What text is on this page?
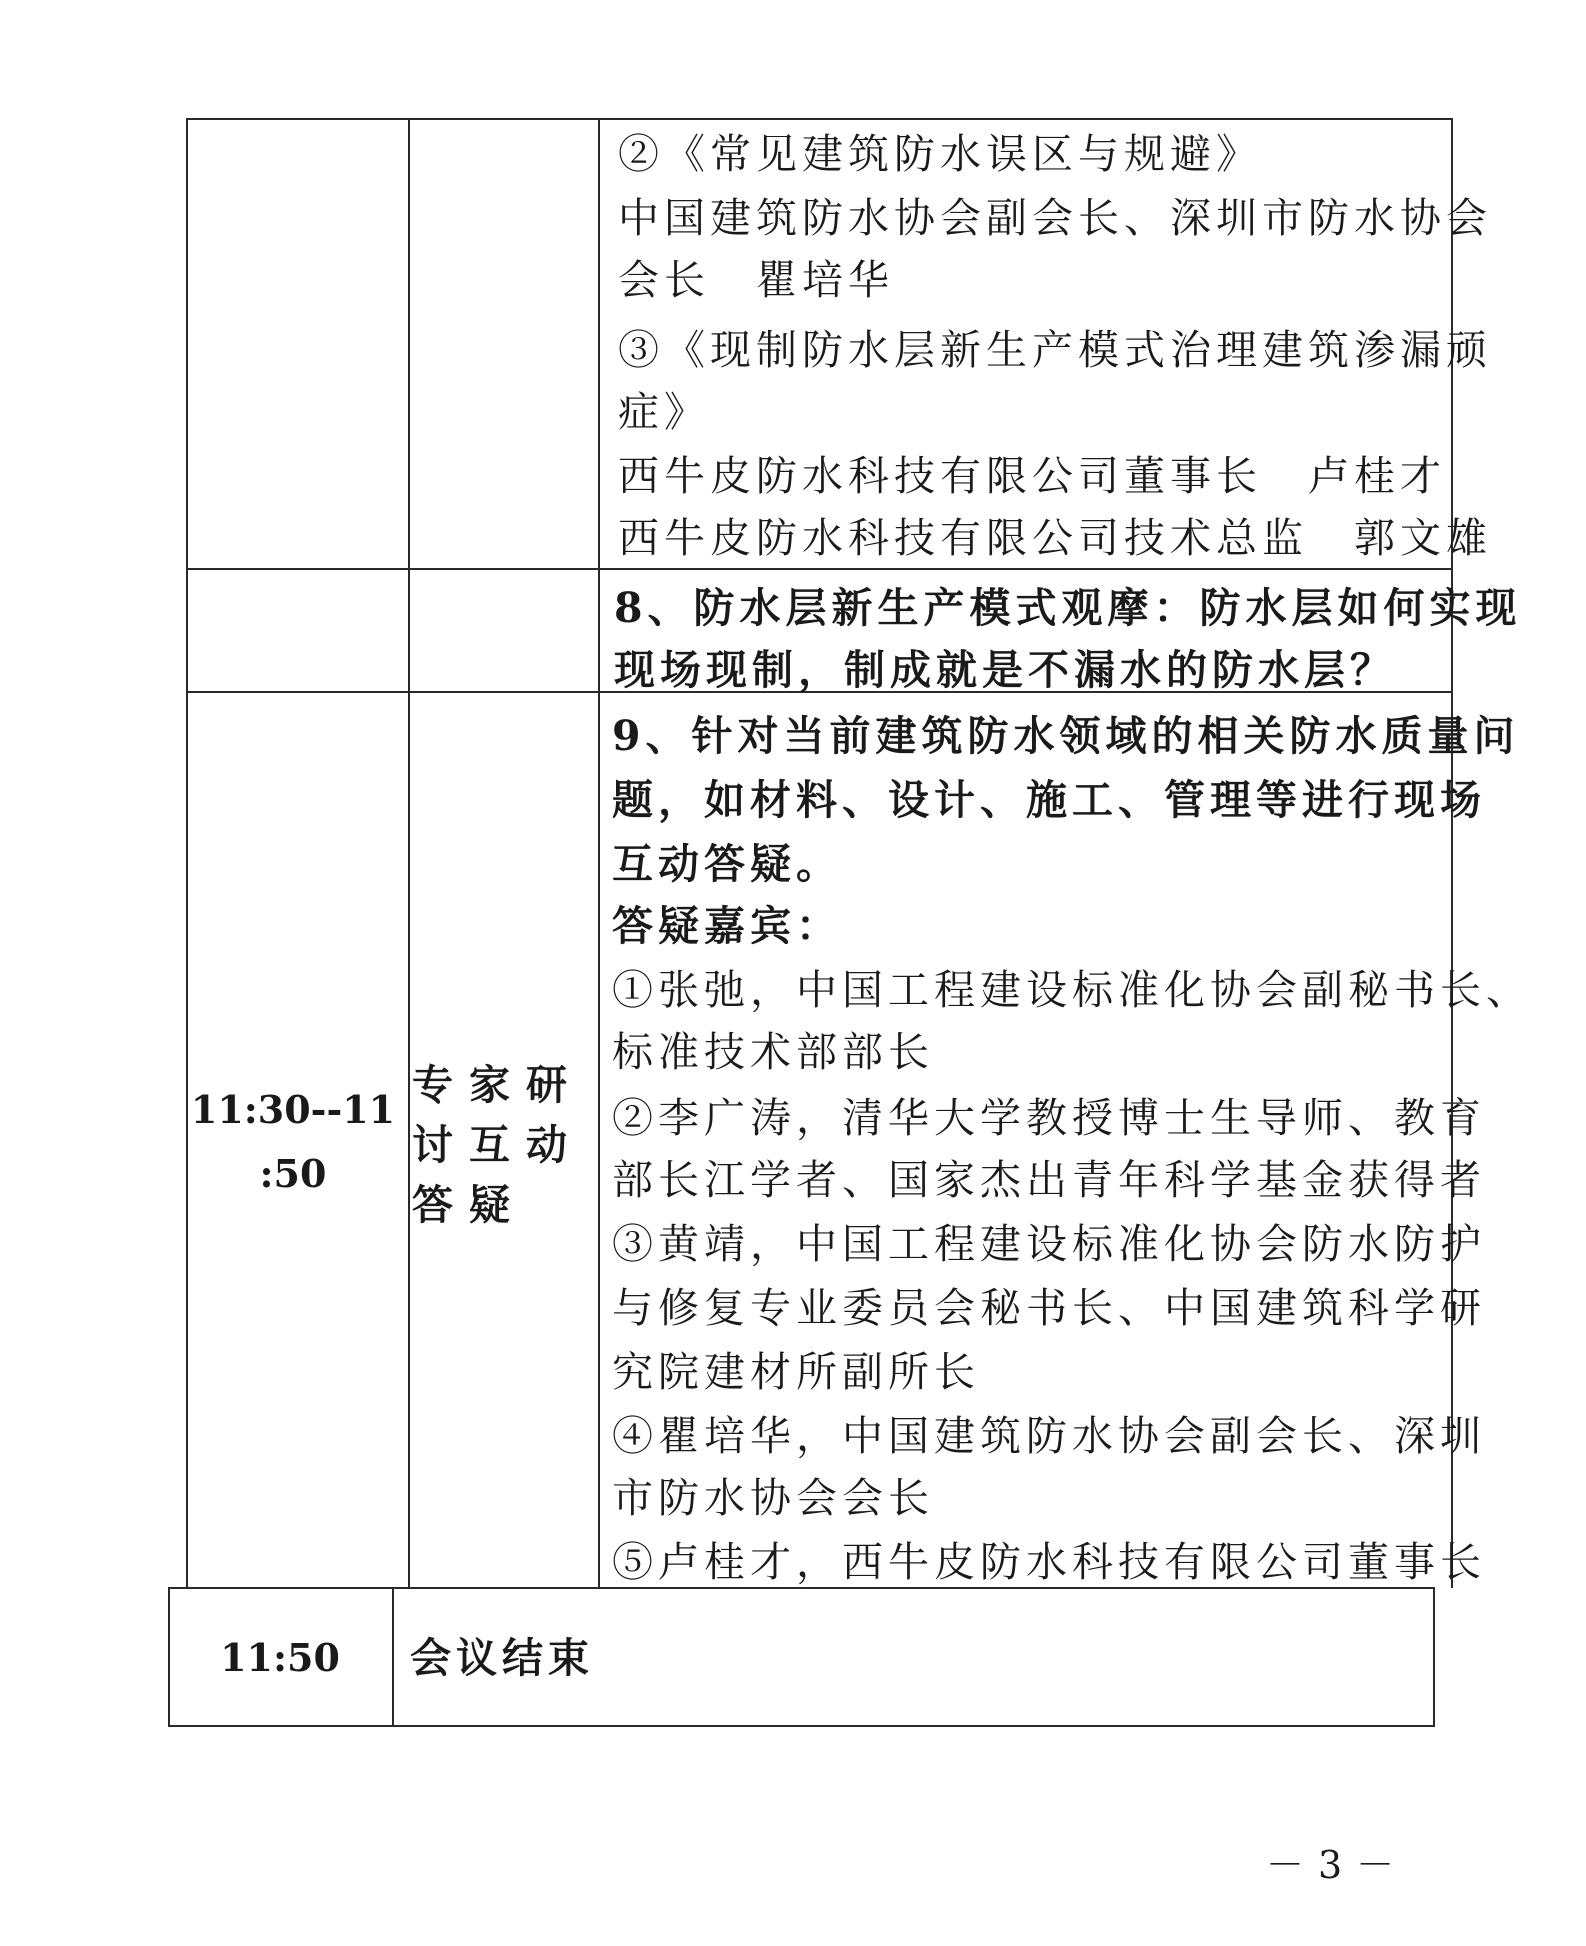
②《常见建筑防水误区与规避》
中国建筑防水协会副会长、深圳市防水协会
会长　瞿培华
③《现制防水层新生产模式治理建筑渗漏顽
症》
西牛皮防水科技有限公司董事长　卢桂才
西牛皮防水科技有限公司技术总监　郭文雄
8、防水层新生产模式观摩：防水层如何实现
现场现制，制成就是不漏水的防水层？
11:30--11
:50
专家研
讨互动
答疑
9、针对当前建筑防水领域的相关防水质量问
题，如材料、设计、施工、管理等进行现场
互动答疑。
答疑嘉宾：
①张弛，中国工程建设标准化协会副秘书长、
标准技术部部长
②李广涛，清华大学教授博士生导师、教育
部长江学者、国家杰出青年科学基金获得者
③黄靖，中国工程建设标准化协会防水防护
与修复专业委员会秘书长、中国建筑科学研
究院建材所副所长
④瞿培华，中国建筑防水协会副会长、深圳
市防水协会会长
⑤卢桂才，西牛皮防水科技有限公司董事长
11:50	会议结束
－3－
